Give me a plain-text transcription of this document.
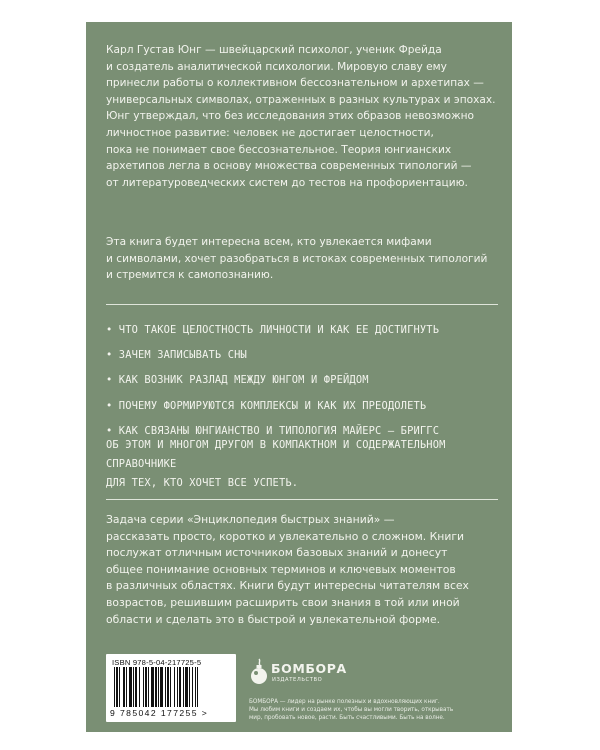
Карл Густав Юнг — швейцарский психолог, ученик Фрейда
и создатель аналитической психологии. Мировую славу ему
принесли работы о коллективном бессознательном и архетипах —
универсальных символах, отраженных в разных культурах и эпохах.
Юнг утверждал, что без исследования этих образов невозможно
личностное развитие: человек не достигает целостности,
пока не понимает свое бессознательное. Теория юнгианских
архетипов легла в основу множества современных типологий —
от литературоведческих систем до тестов на профориентацию.

Эта книга будет интересна всем, кто увлекается мифами
и символами, хочет разобраться в истоках современных типологий
и стремится к самопознанию.

• ЧТО ТАКОЕ ЦЕЛОСТНОСТЬ ЛИЧНОСТИ И КАК ЕЕ ДОСТИГНУТЬ
• ЗАЧЕМ ЗАПИСЫВАТЬ СНЫ
• КАК ВОЗНИК РАЗЛАД МЕЖДУ ЮНГОМ И ФРЕЙДОМ
• ПОЧЕМУ ФОРМИРУЮТСЯ КОМПЛЕКСЫ И КАК ИХ ПРЕОДОЛЕТЬ
• КАК СВЯЗАНЫ ЮНГИАНСТВО И ТИПОЛОГИЯ МАЙЕРС — БРИГГС

ОБ ЭТОМ И МНОГОМ ДРУГОМ В КОМПАКТНОМ И СОДЕРЖАТЕЛЬНОМ СПРАВОЧНИКЕ
ДЛЯ ТЕХ, КТО ХОЧЕТ ВСЕ УСПЕТЬ.

Задача серии «Энциклопедия быстрых знаний» —
рассказать просто, коротко и увлекательно о сложном. Книги
послужат отличным источником базовых знаний и донесут
общее понимание основных терминов и ключевых моментов
в различных областях. Книги будут интересны читателям всех
возрастов, решившим расширить свои знания в той или иной
области и сделать это в быстрой и увлекательной форме.

ISBN 978-5-04-217725-5
9 785042 177255 >
БОМБОРА
ИЗДАТЕЛЬСТВО

БОМБОРА — лидер на рынке полезных и вдохновляющих книг.
Мы любим книги и создаем их, чтобы вы могли творить, открывать
мир, пробовать новое, расти. Быть счастливыми. Быть на волне.
